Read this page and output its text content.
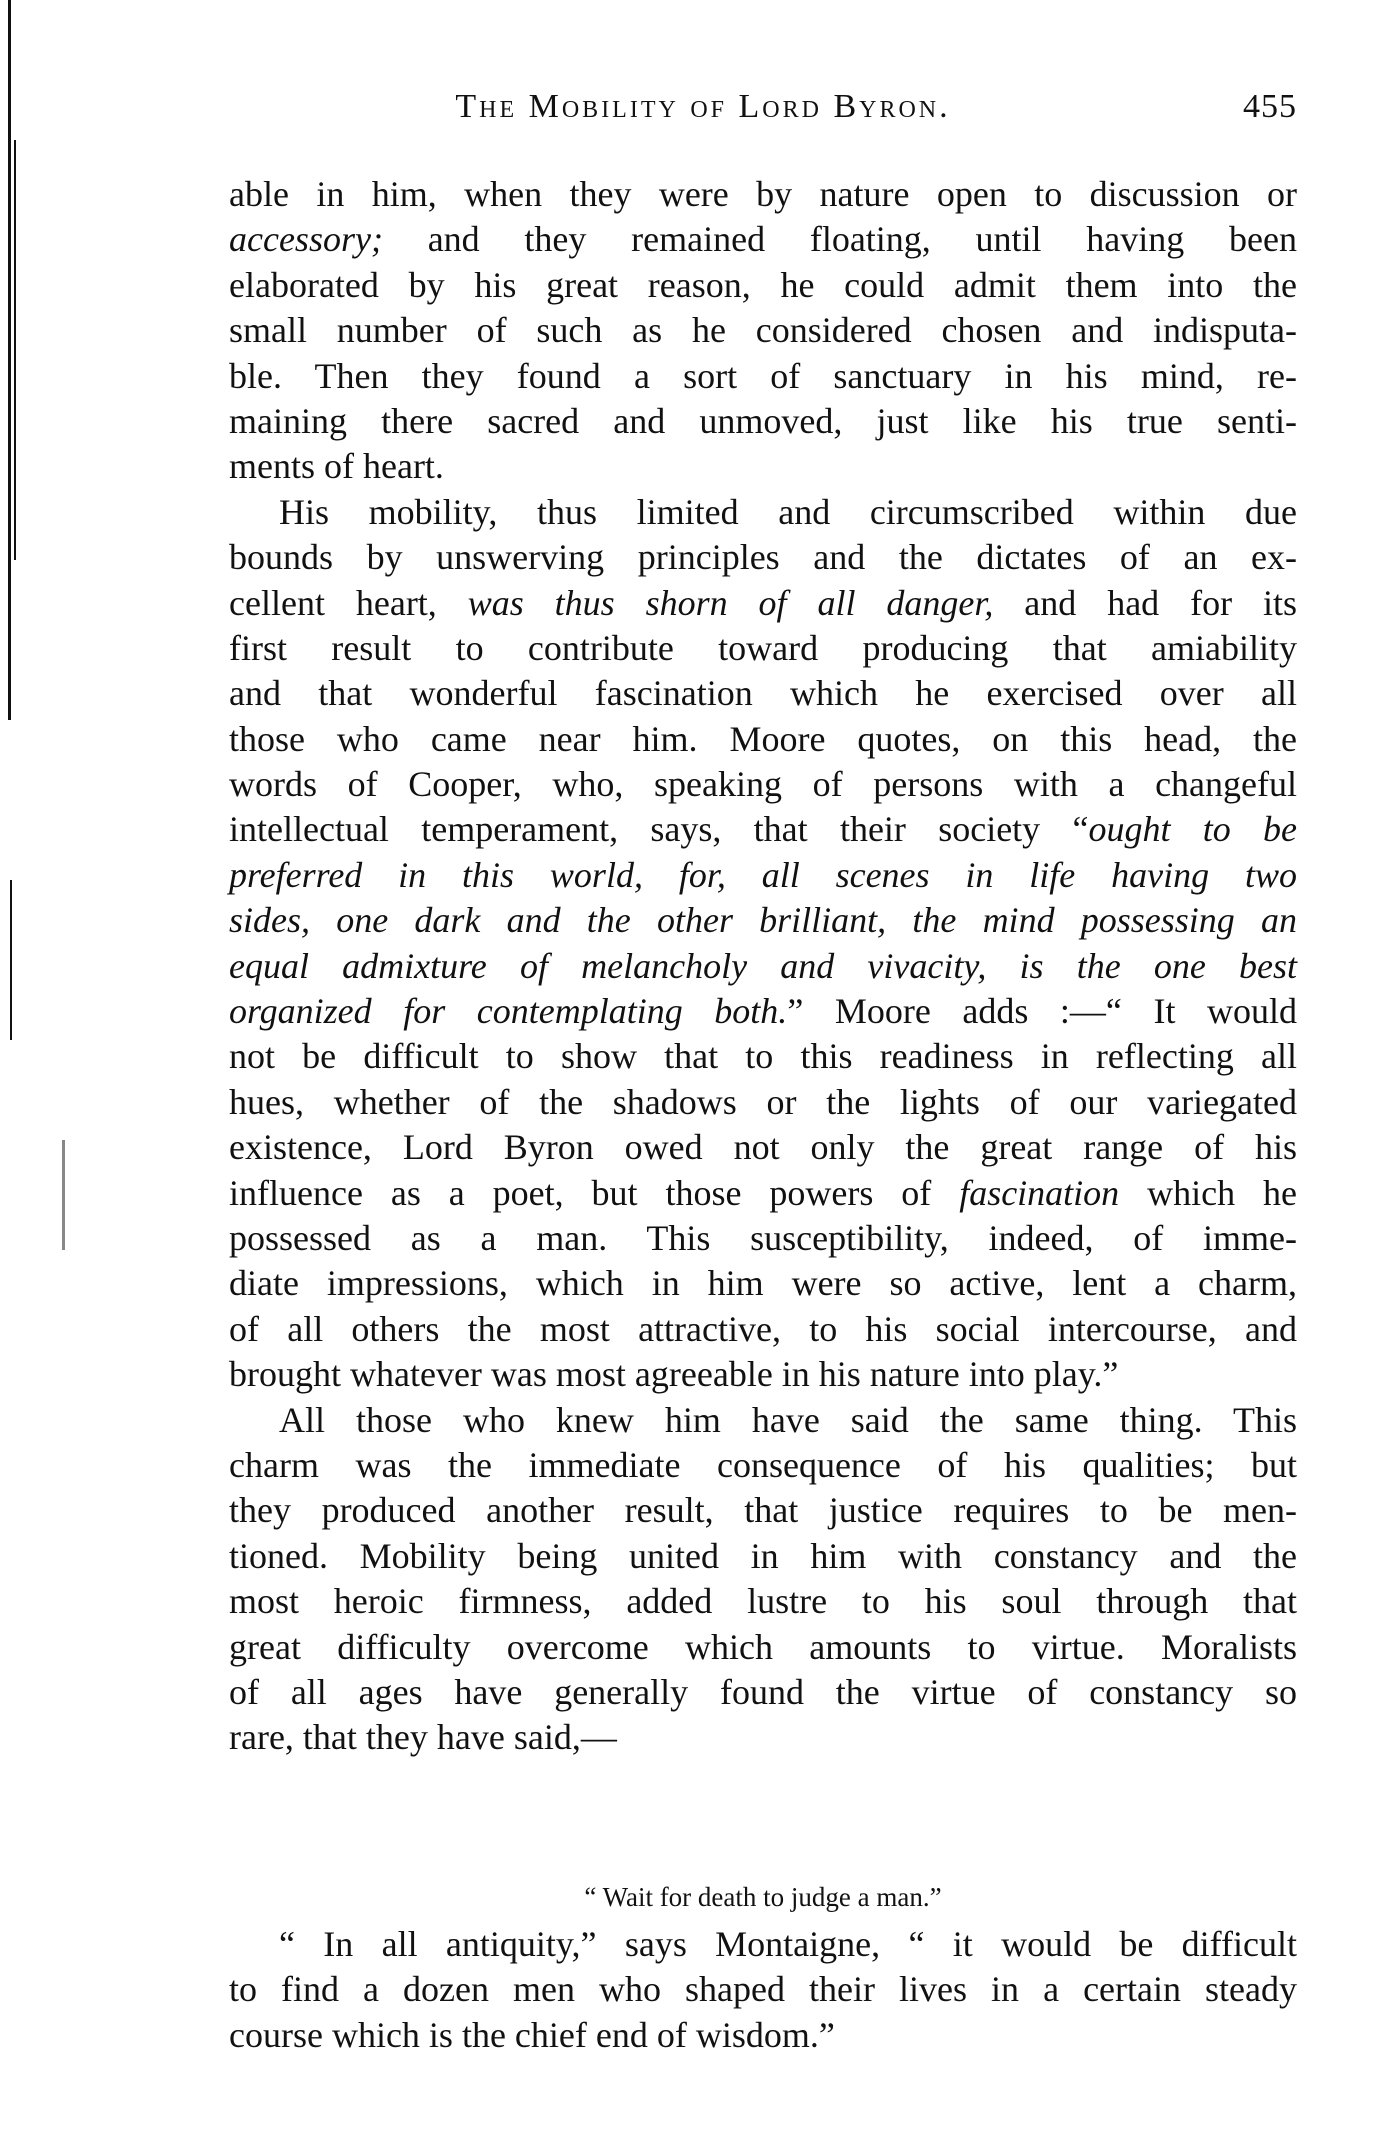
The Mobility of Lord Byron.	455
able in him, when they were by nature open to discussion or
accessory; and they remained floating, until having been
elaborated by his great reason, he could admit them into the
small number of such as he considered chosen and indisputa-
ble. Then they found a sort of sanctuary in his mind, re-
maining there sacred and unmoved, just like his true senti-
ments of heart.
His mobility, thus limited and circumscribed within due
bounds by unswerving principles and the dictates of an ex-
cellent heart, was thus shorn of all danger, and had for its
first result to contribute toward producing that amiability
and that wonderful fascination which he exercised over all
those who came near him. Moore quotes, on this head, the
words of Cooper, who, speaking of persons with a changeful
intellectual temperament, says, that their society “ought to be
preferred in this world, for, all scenes in life having two
sides, one dark and the other brilliant, the mind possessing an
equal admixture of melancholy and vivacity, is the one best
organized for contemplating both.” Moore adds :—“ It would
not be difficult to show that to this readiness in reflecting all
hues, whether of the shadows or the lights of our variegated
existence, Lord Byron owed not only the great range of his
influence as a poet, but those powers of fascination which he
possessed as a man. This susceptibility, indeed, of imme-
diate impressions, which in him were so active, lent a charm,
of all others the most attractive, to his social intercourse, and
brought whatever was most agreeable in his nature into play.”
All those who knew him have said the same thing. This
charm was the immediate consequence of his qualities; but
they produced another result, that justice requires to be men-
tioned. Mobility being united in him with constancy and the
most heroic firmness, added lustre to his soul through that
great difficulty overcome which amounts to virtue. Moralists
of all ages have generally found the virtue of constancy so
rare, that they have said,—
“ Wait for death to judge a man.”
“ In all antiquity,” says Montaigne, “ it would be difficult
to find a dozen men who shaped their lives in a certain steady
course which is the chief end of wisdom.”
